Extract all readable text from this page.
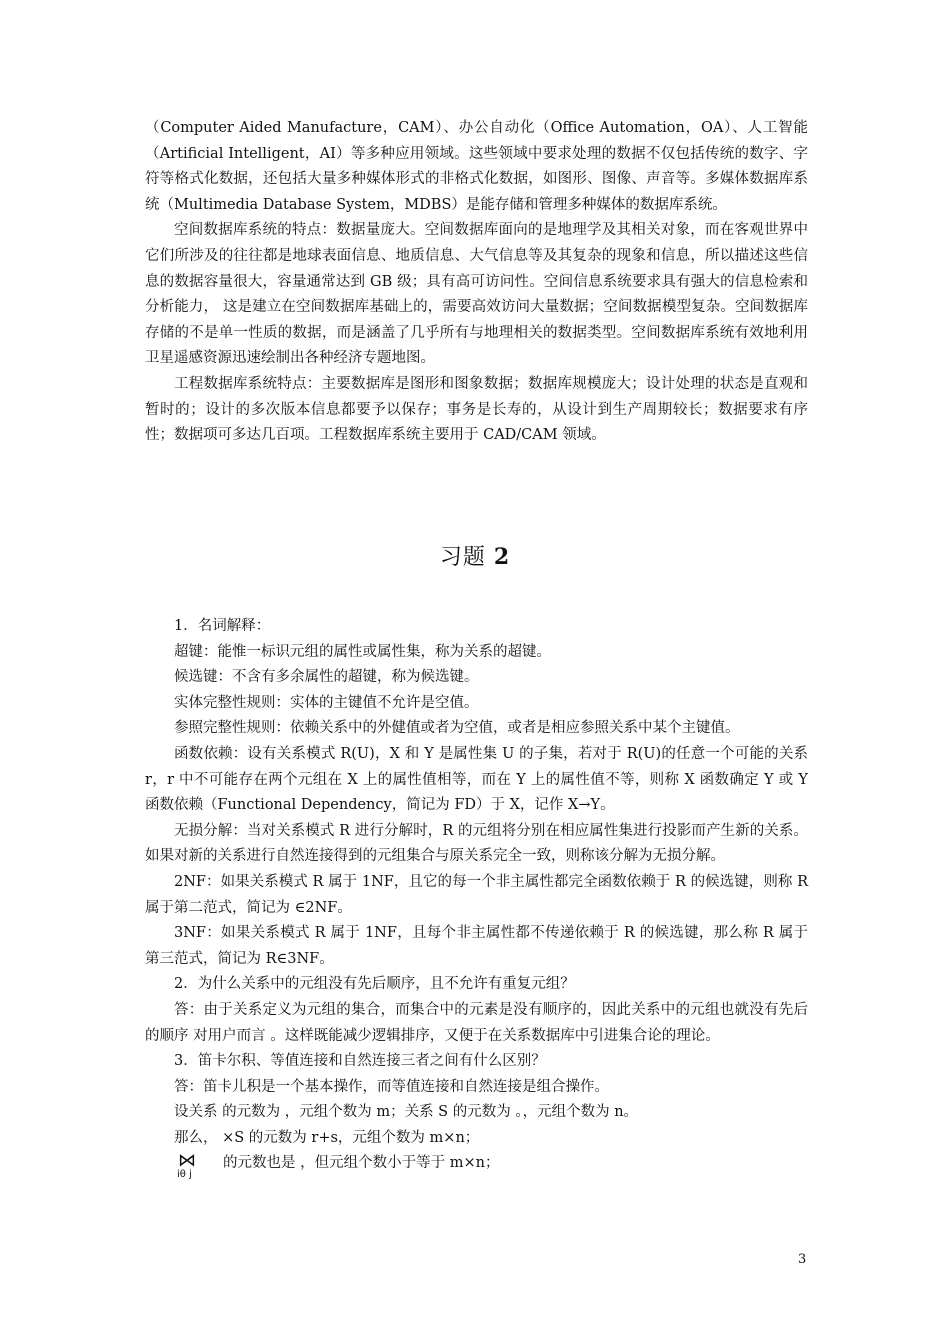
（Computer Aided Manufacture，CAM）、办公自动化（Office Automation，OA）、人工智能（Artificial Intelligent，AI）等多种应用领域。这些领域中要求处理的数据不仅包括传统的数字、字符等格式化数据，还包括大量多种媒体形式的非格式化数据，如图形、图像、声音等。多媒体数据库系统（Multimedia Database System，MDBS）是能存储和管理多种媒体的数据库系统。

空间数据库系统的特点：数据量庞大。空间数据库面向的是地理学及其相关对象，而在客观世界中它们所涉及的往往都是地球表面信息、地质信息、大气信息等及其复杂的现象和信息，所以描述这些信息的数据容量很大，容量通常达到 GB 级；具有高可访问性。空间信息系统要求具有强大的信息检索和分析能力， 这是建立在空间数据库基础上的，需要高效访问大量数据；空间数据模型复杂。空间数据库存储的不是单一性质的数据，而是涵盖了几乎所有与地理相关的数据类型。空间数据库系统有效地利用卫星遥感资源迅速绘制出各种经济专题地图。

工程数据库系统特点：主要数据库是图形和图象数据；数据库规模庞大；设计处理的状态是直观和暂时的；设计的多次版本信息都要予以保存；事务是长寿的，从设计到生产周期较长；数据要求有序性；数据项可多达几百项。工程数据库系统主要用于 CAD/CAM 领域。

习题 2

1．名词解释：

超键：能惟一标识元组的属性或属性集，称为关系的超键。

候选键：不含有多余属性的超键，称为候选键。

实体完整性规则：实体的主键值不允许是空值。

参照完整性规则：依赖关系中的外健值或者为空值，或者是相应参照关系中某个主键值。

函数依赖：设有关系模式 R(U)，X 和 Y 是属性集 U 的子集，若对于 R(U)的任意一个可能的关系 r，r 中不可能存在两个元组在 X 上的属性值相等，而在 Y 上的属性值不等，则称 X 函数确定 Y 或 Y 函数依赖（Functional Dependency，简记为 FD）于 X，记作 X→Y。

无损分解：当对关系模式 R 进行分解时，R 的元组将分别在相应属性集进行投影而产生新的关系。如果对新的关系进行自然连接得到的元组集合与原关系完全一致，则称该分解为无损分解。

2NF：如果关系模式 R 属于 1NF，且它的每一个非主属性都完全函数依赖于 R 的候选键，则称 R 属于第二范式，简记为 ∈2NF。

3NF：如果关系模式 R 属于 1NF，且每个非主属性都不传递依赖于 R 的候选键，那么称 R 属于第三范式，简记为 R∈3NF。

2．为什么关系中的元组没有先后顺序，且不允许有重复元组？

答：由于关系定义为元组的集合，而集合中的元素是没有顺序的，因此关系中的元组也就没有先后的顺序 对用户而言 。这样既能减少逻辑排序，又便于在关系数据库中引进集合论的理论。

3．笛卡尔积、等值连接和自然连接三者之间有什么区别？

答：笛卡儿积是一个基本操作，而等值连接和自然连接是组合操作。

设关系 的元数为 ，元组个数为 m；关系 S 的元数为 。，元组个数为 n。

那么， ×S 的元数为 r+s，元组个数为 m×n；

⋈
iθ j
的元数也是 ，但元组个数小于等于 m×n；

3
